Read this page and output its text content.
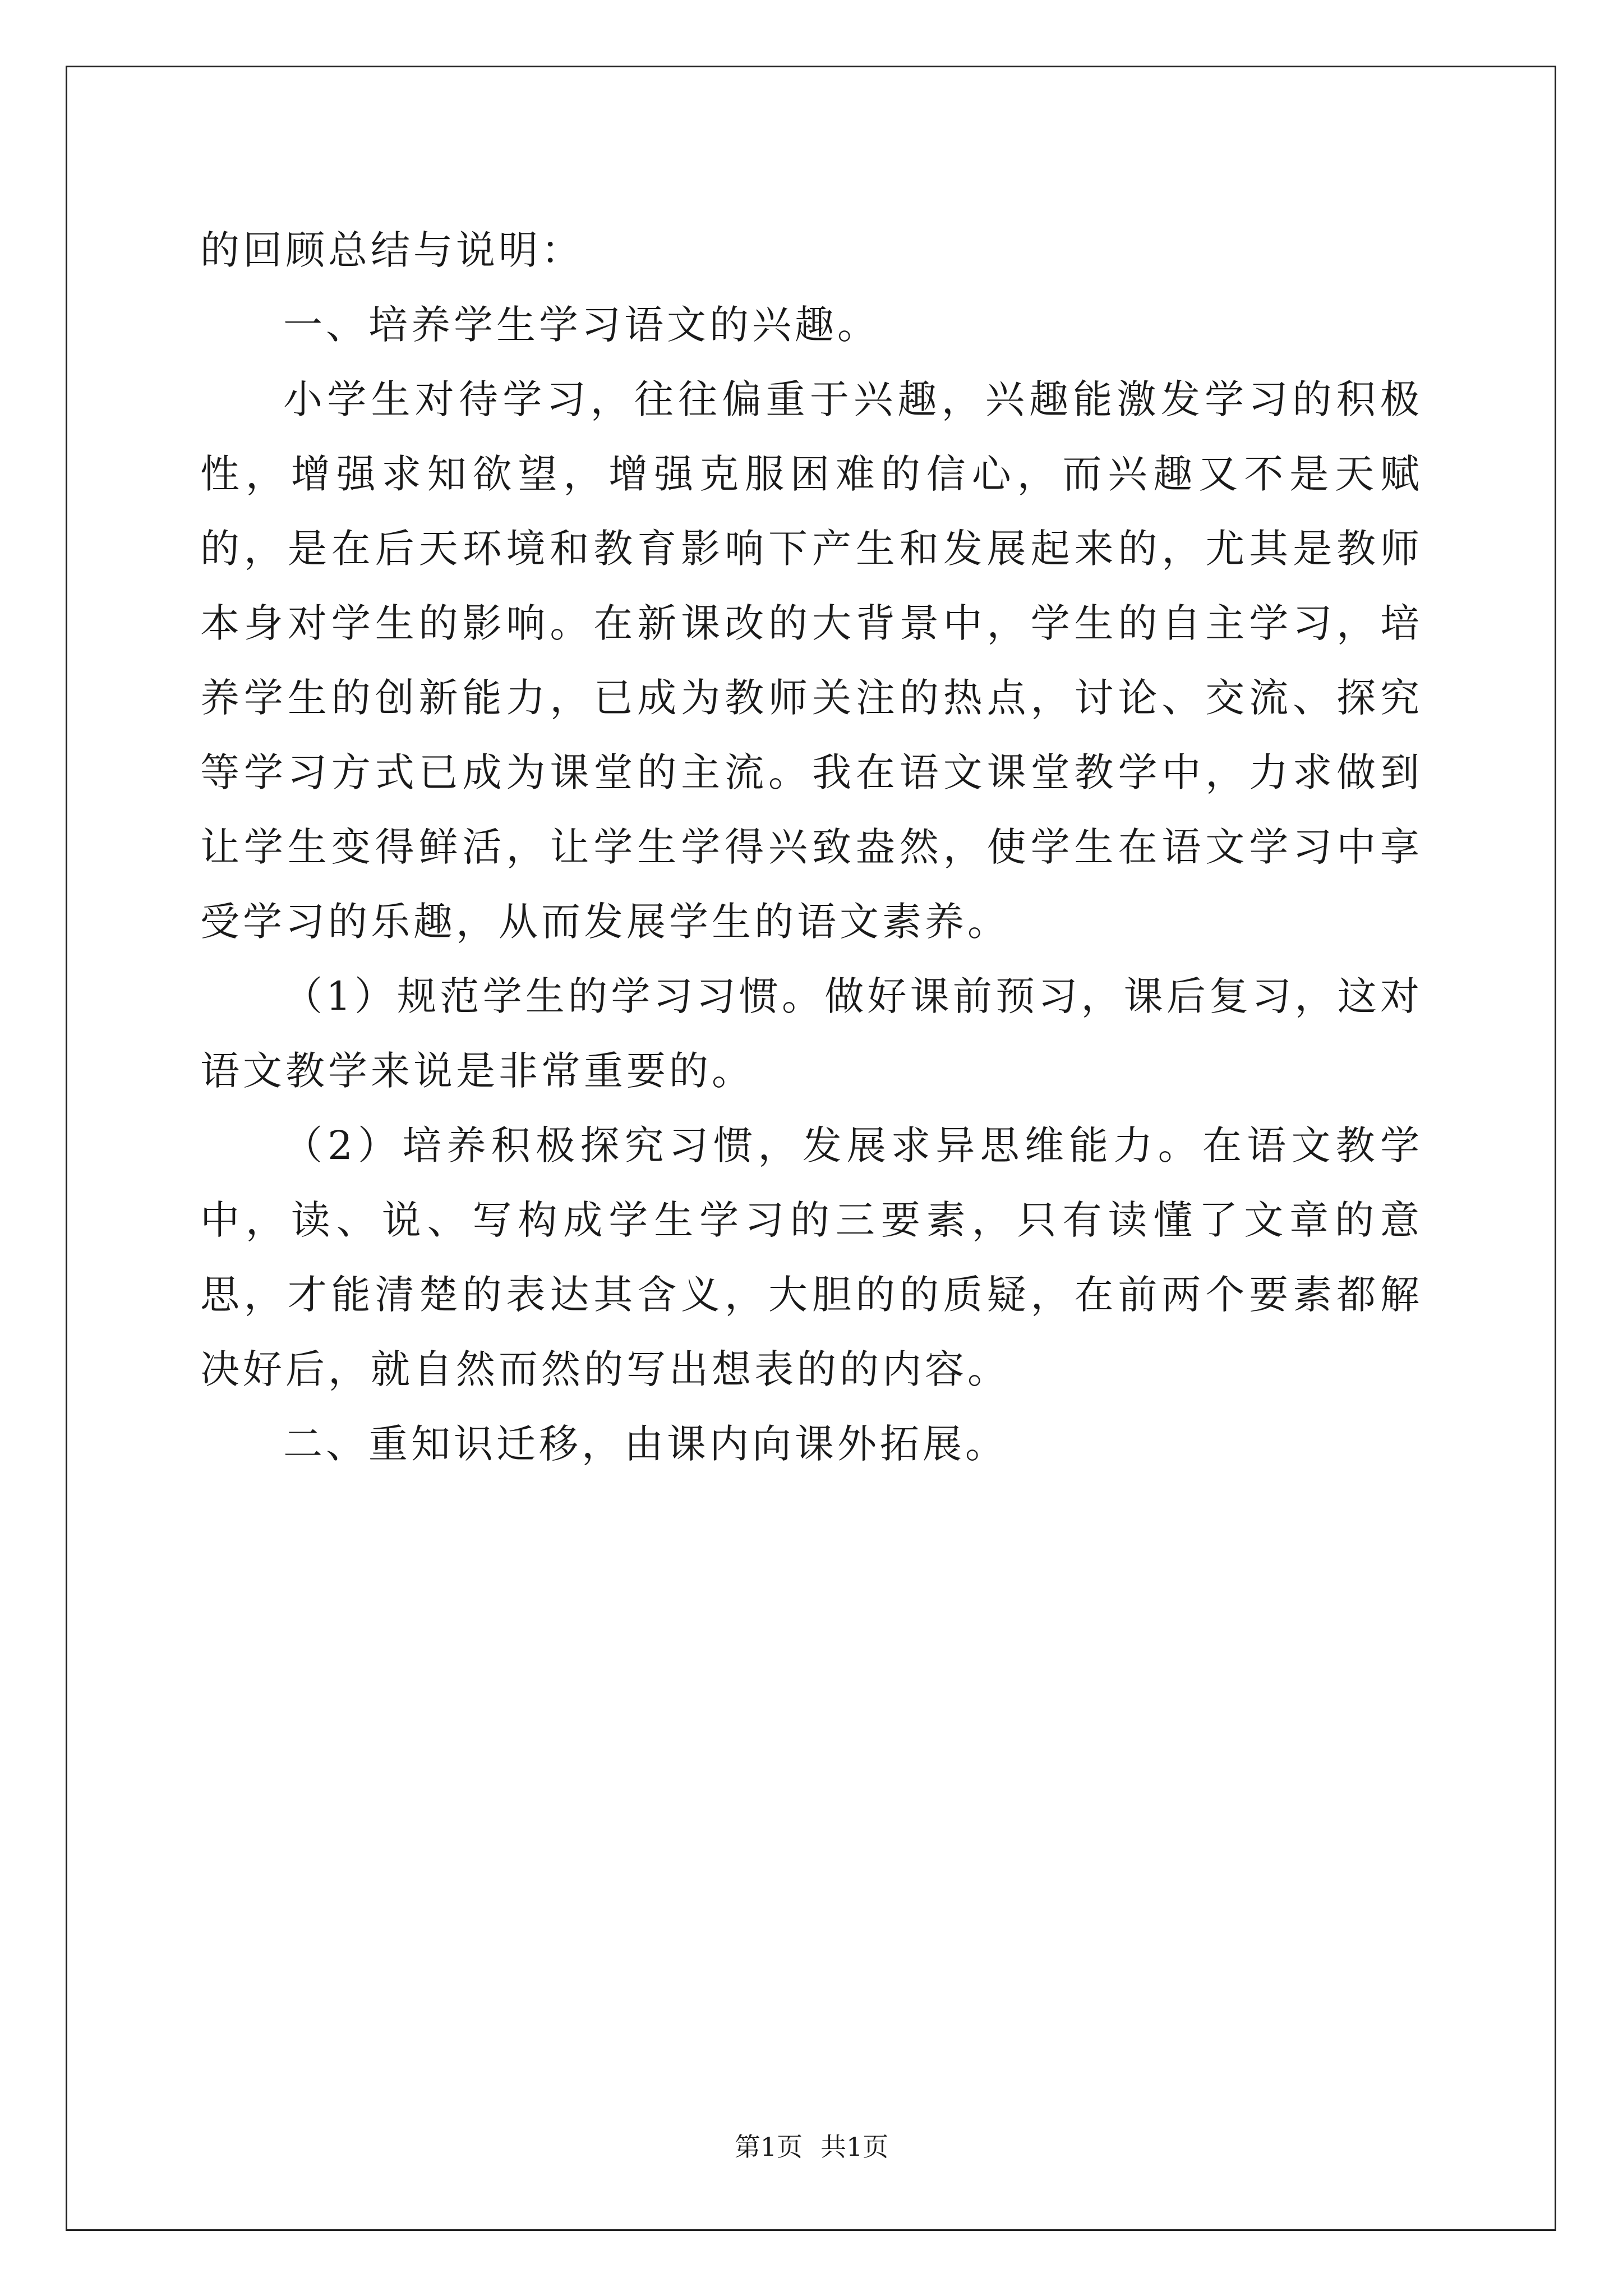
的回顾总结与说明：

一、培养学生学习语文的兴趣。

小学生对待学习，往往偏重于兴趣，兴趣能激发学习的积极性，增强求知欲望，增强克服困难的信心，而兴趣又不是天赋的，是在后天环境和教育影响下产生和发展起来的，尤其是教师本身对学生的影响。在新课改的大背景中，学生的自主学习，培养学生的创新能力，已成为教师关注的热点，讨论、交流、探究等学习方式已成为课堂的主流。我在语文课堂教学中，力求做到让学生变得鲜活，让学生学得兴致盎然，使学生在语文学习中享受学习的乐趣，从而发展学生的语文素养。

（1）规范学生的学习习惯。做好课前预习，课后复习，这对语文教学来说是非常重要的。

（2）培养积极探究习惯，发展求异思维能力。在语文教学中，读、说、写构成学生学习的三要素，只有读懂了文章的意思，才能清楚的表达其含义，大胆的的质疑，在前两个要素都解决好后，就自然而然的写出想表的的内容。

二、重知识迁移，由课内向课外拓展。

第1页 共1页
